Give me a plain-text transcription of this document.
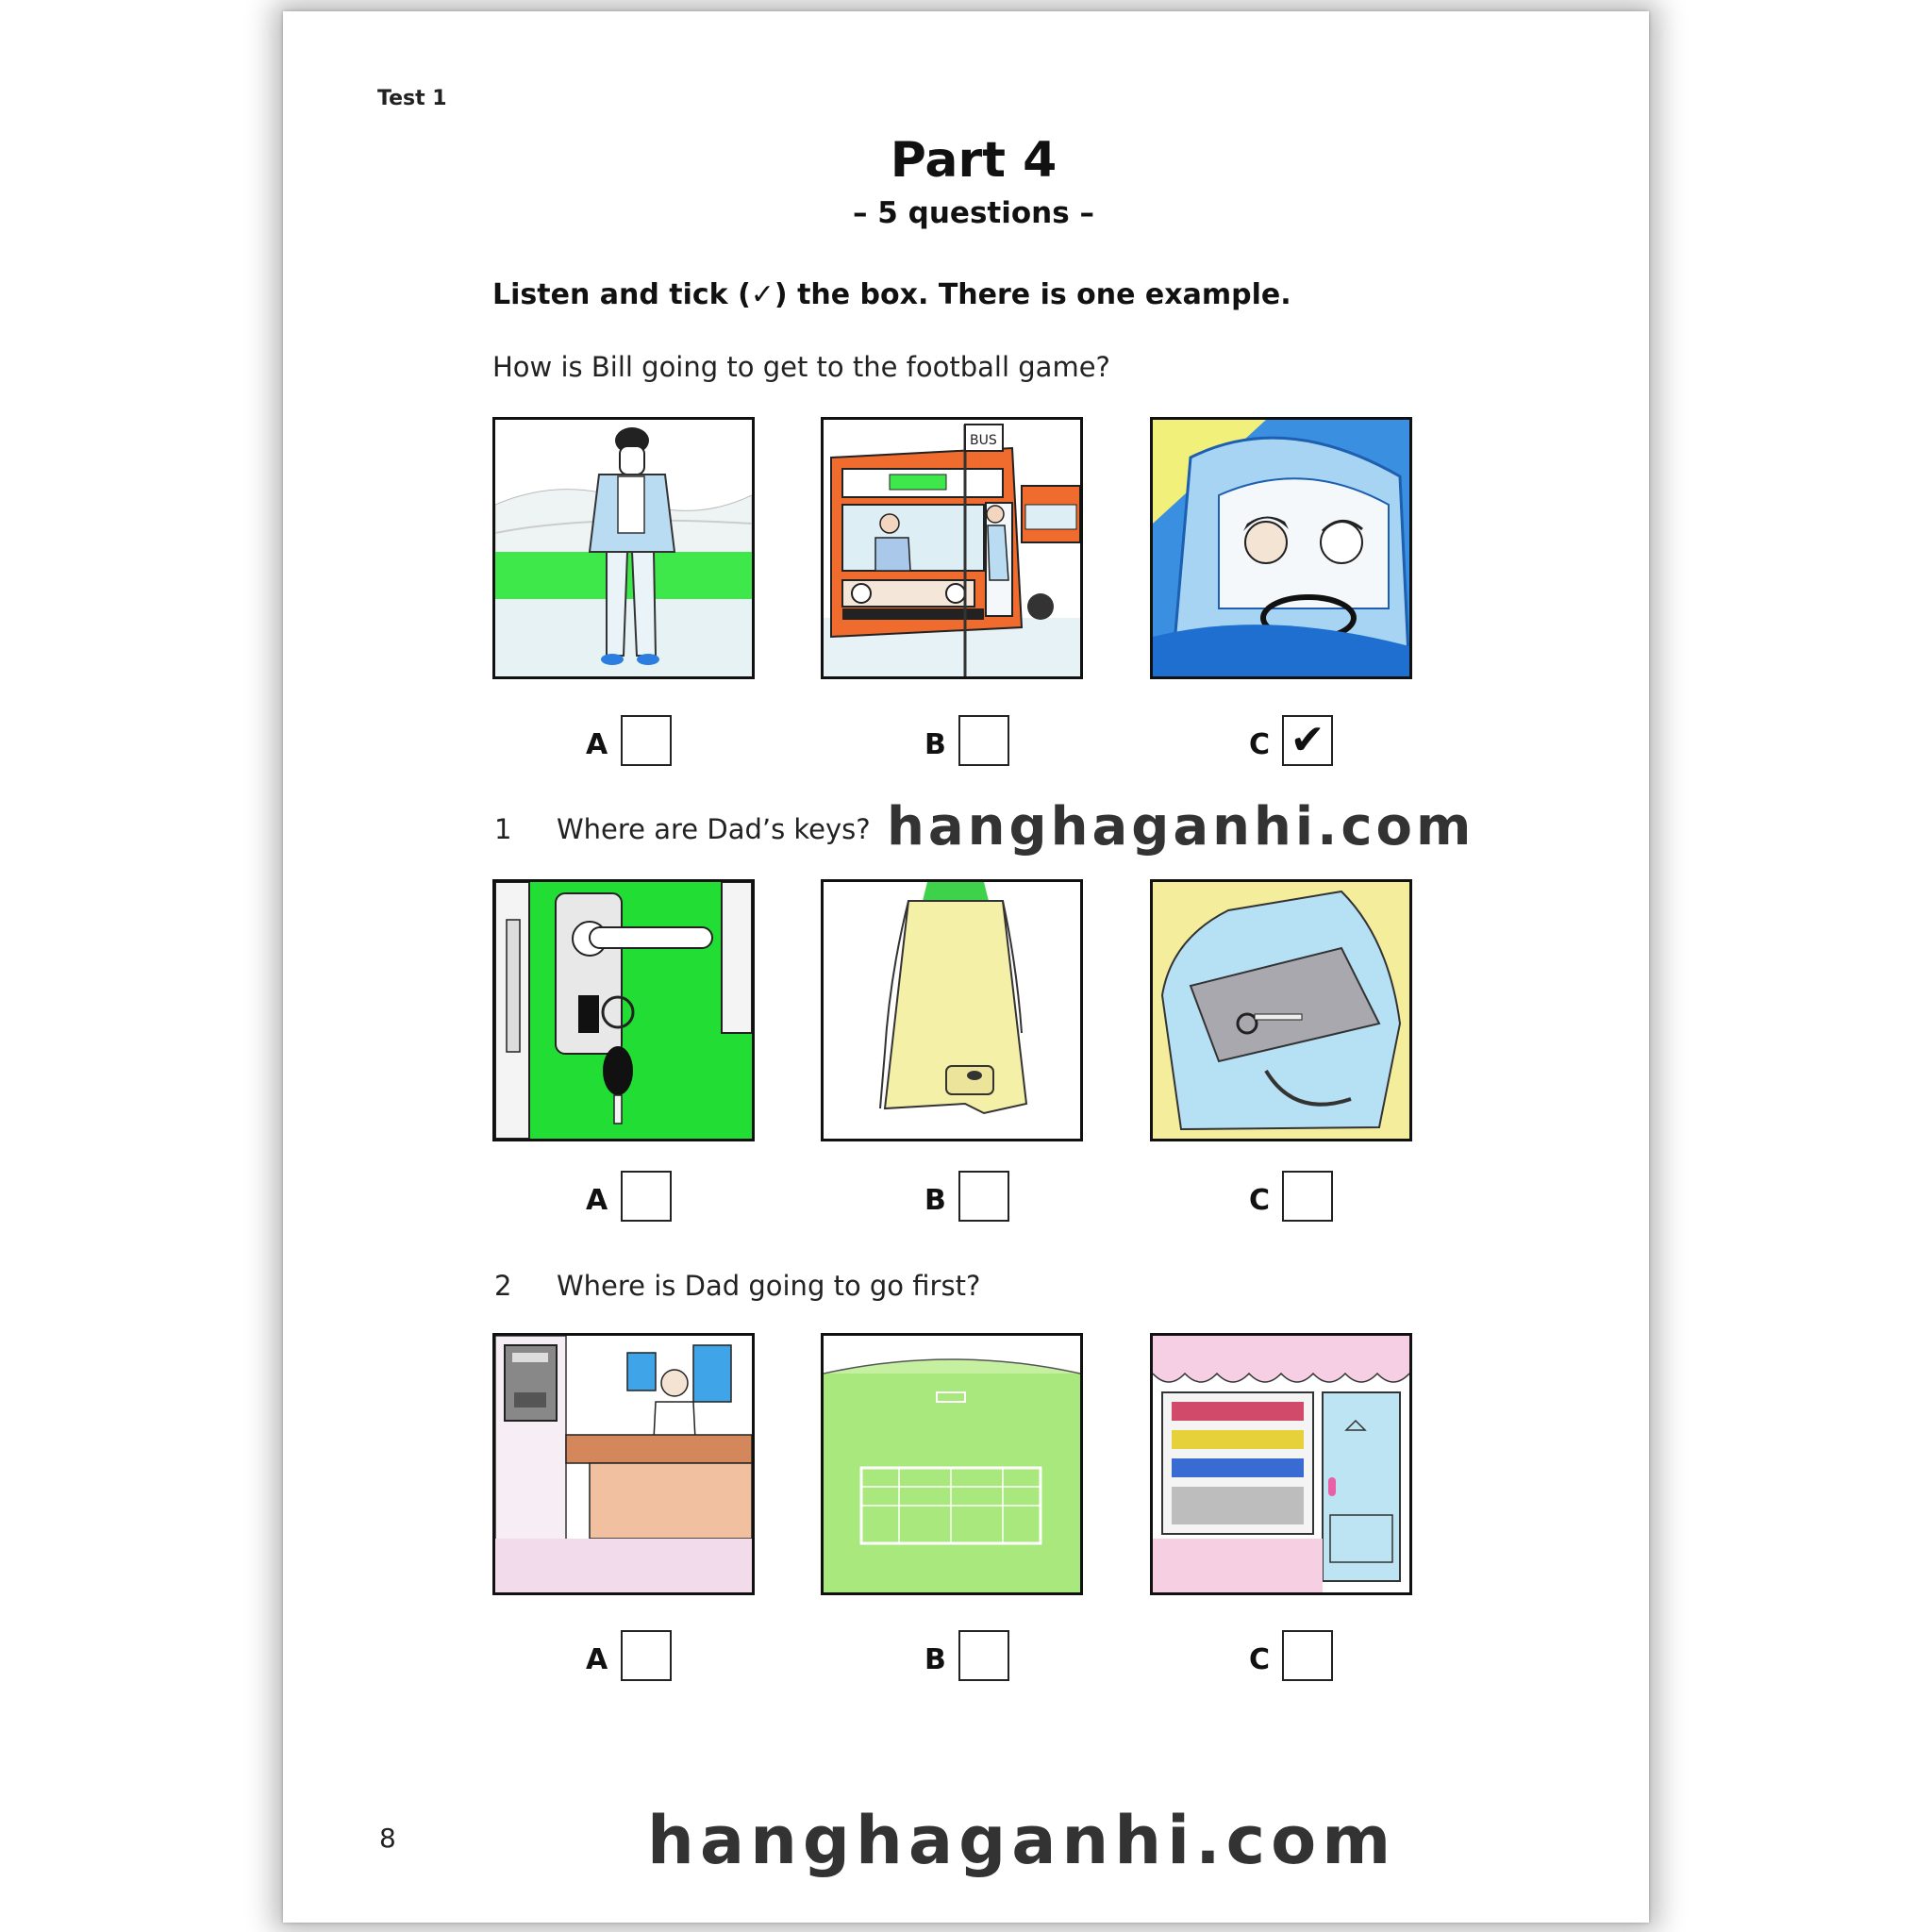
Test 1
Part 4
– 5 questions –
Listen and tick (✓) the box. There is one example.
How is Bill going to get to the football game?
BUS
A	B	C ✔
1 Where are Dad’s keys? hanghaganhi.com
A	B	C
2 Where is Dad going to go first?
A	B	C
8	hanghaganhi.com
